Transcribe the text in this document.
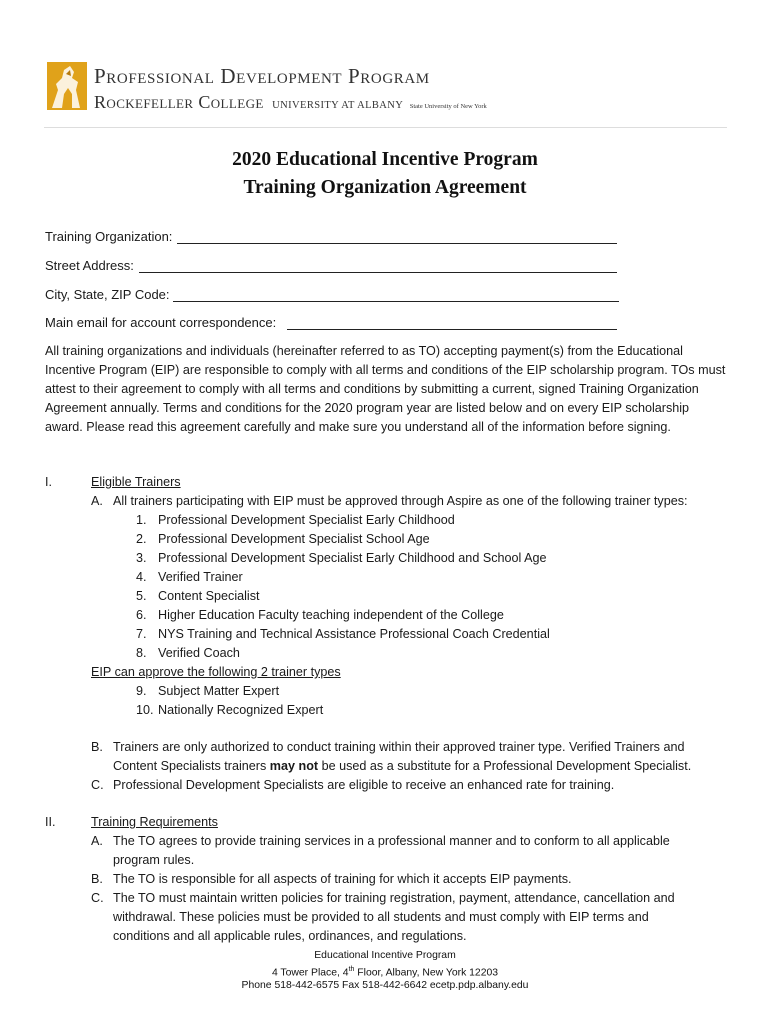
Professional Development Program
Rockefeller College UNIVERSITY AT ALBANY State University of New York
2020 Educational Incentive Program
Training Organization Agreement
Training Organization:
Street Address:
City, State, ZIP Code:
Main email for account correspondence:
All training organizations and individuals (hereinafter referred to as TO) accepting payment(s) from the Educational Incentive Program (EIP) are responsible to comply with all terms and conditions of the EIP scholarship program. TOs must attest to their agreement to comply with all terms and conditions by submitting a current, signed Training Organization Agreement annually. Terms and conditions for the 2020 program year are listed below and on every EIP scholarship award. Please read this agreement carefully and make sure you understand all of the information before signing.
I.	Eligible Trainers
A. All trainers participating with EIP must be approved through Aspire as one of the following trainer types:
1. Professional Development Specialist Early Childhood
2. Professional Development Specialist School Age
3. Professional Development Specialist Early Childhood and School Age
4. Verified Trainer
5. Content Specialist
6. Higher Education Faculty teaching independent of the College
7. NYS Training and Technical Assistance Professional Coach Credential
8. Verified Coach
EIP can approve the following 2 trainer types
9. Subject Matter Expert
10. Nationally Recognized Expert
B. Trainers are only authorized to conduct training within their approved trainer type. Verified Trainers and
Content Specialists trainers may not be used as a substitute for a Professional Development Specialist.
C. Professional Development Specialists are eligible to receive an enhanced rate for training.
II.	Training Requirements
A. The TO agrees to provide training services in a professional manner and to conform to all applicable
program rules.
B. The TO is responsible for all aspects of training for which it accepts EIP payments.
C. The TO must maintain written policies for training registration, payment, attendance, cancellation and
withdrawal. These policies must be provided to all students and must comply with EIP terms and
conditions and all applicable rules, ordinances, and regulations.
Educational Incentive Program
4 Tower Place, 4th Floor, Albany, New York 12203
Phone 518-442-6575 Fax 518-442-6642 ecetp.pdp.albany.edu
